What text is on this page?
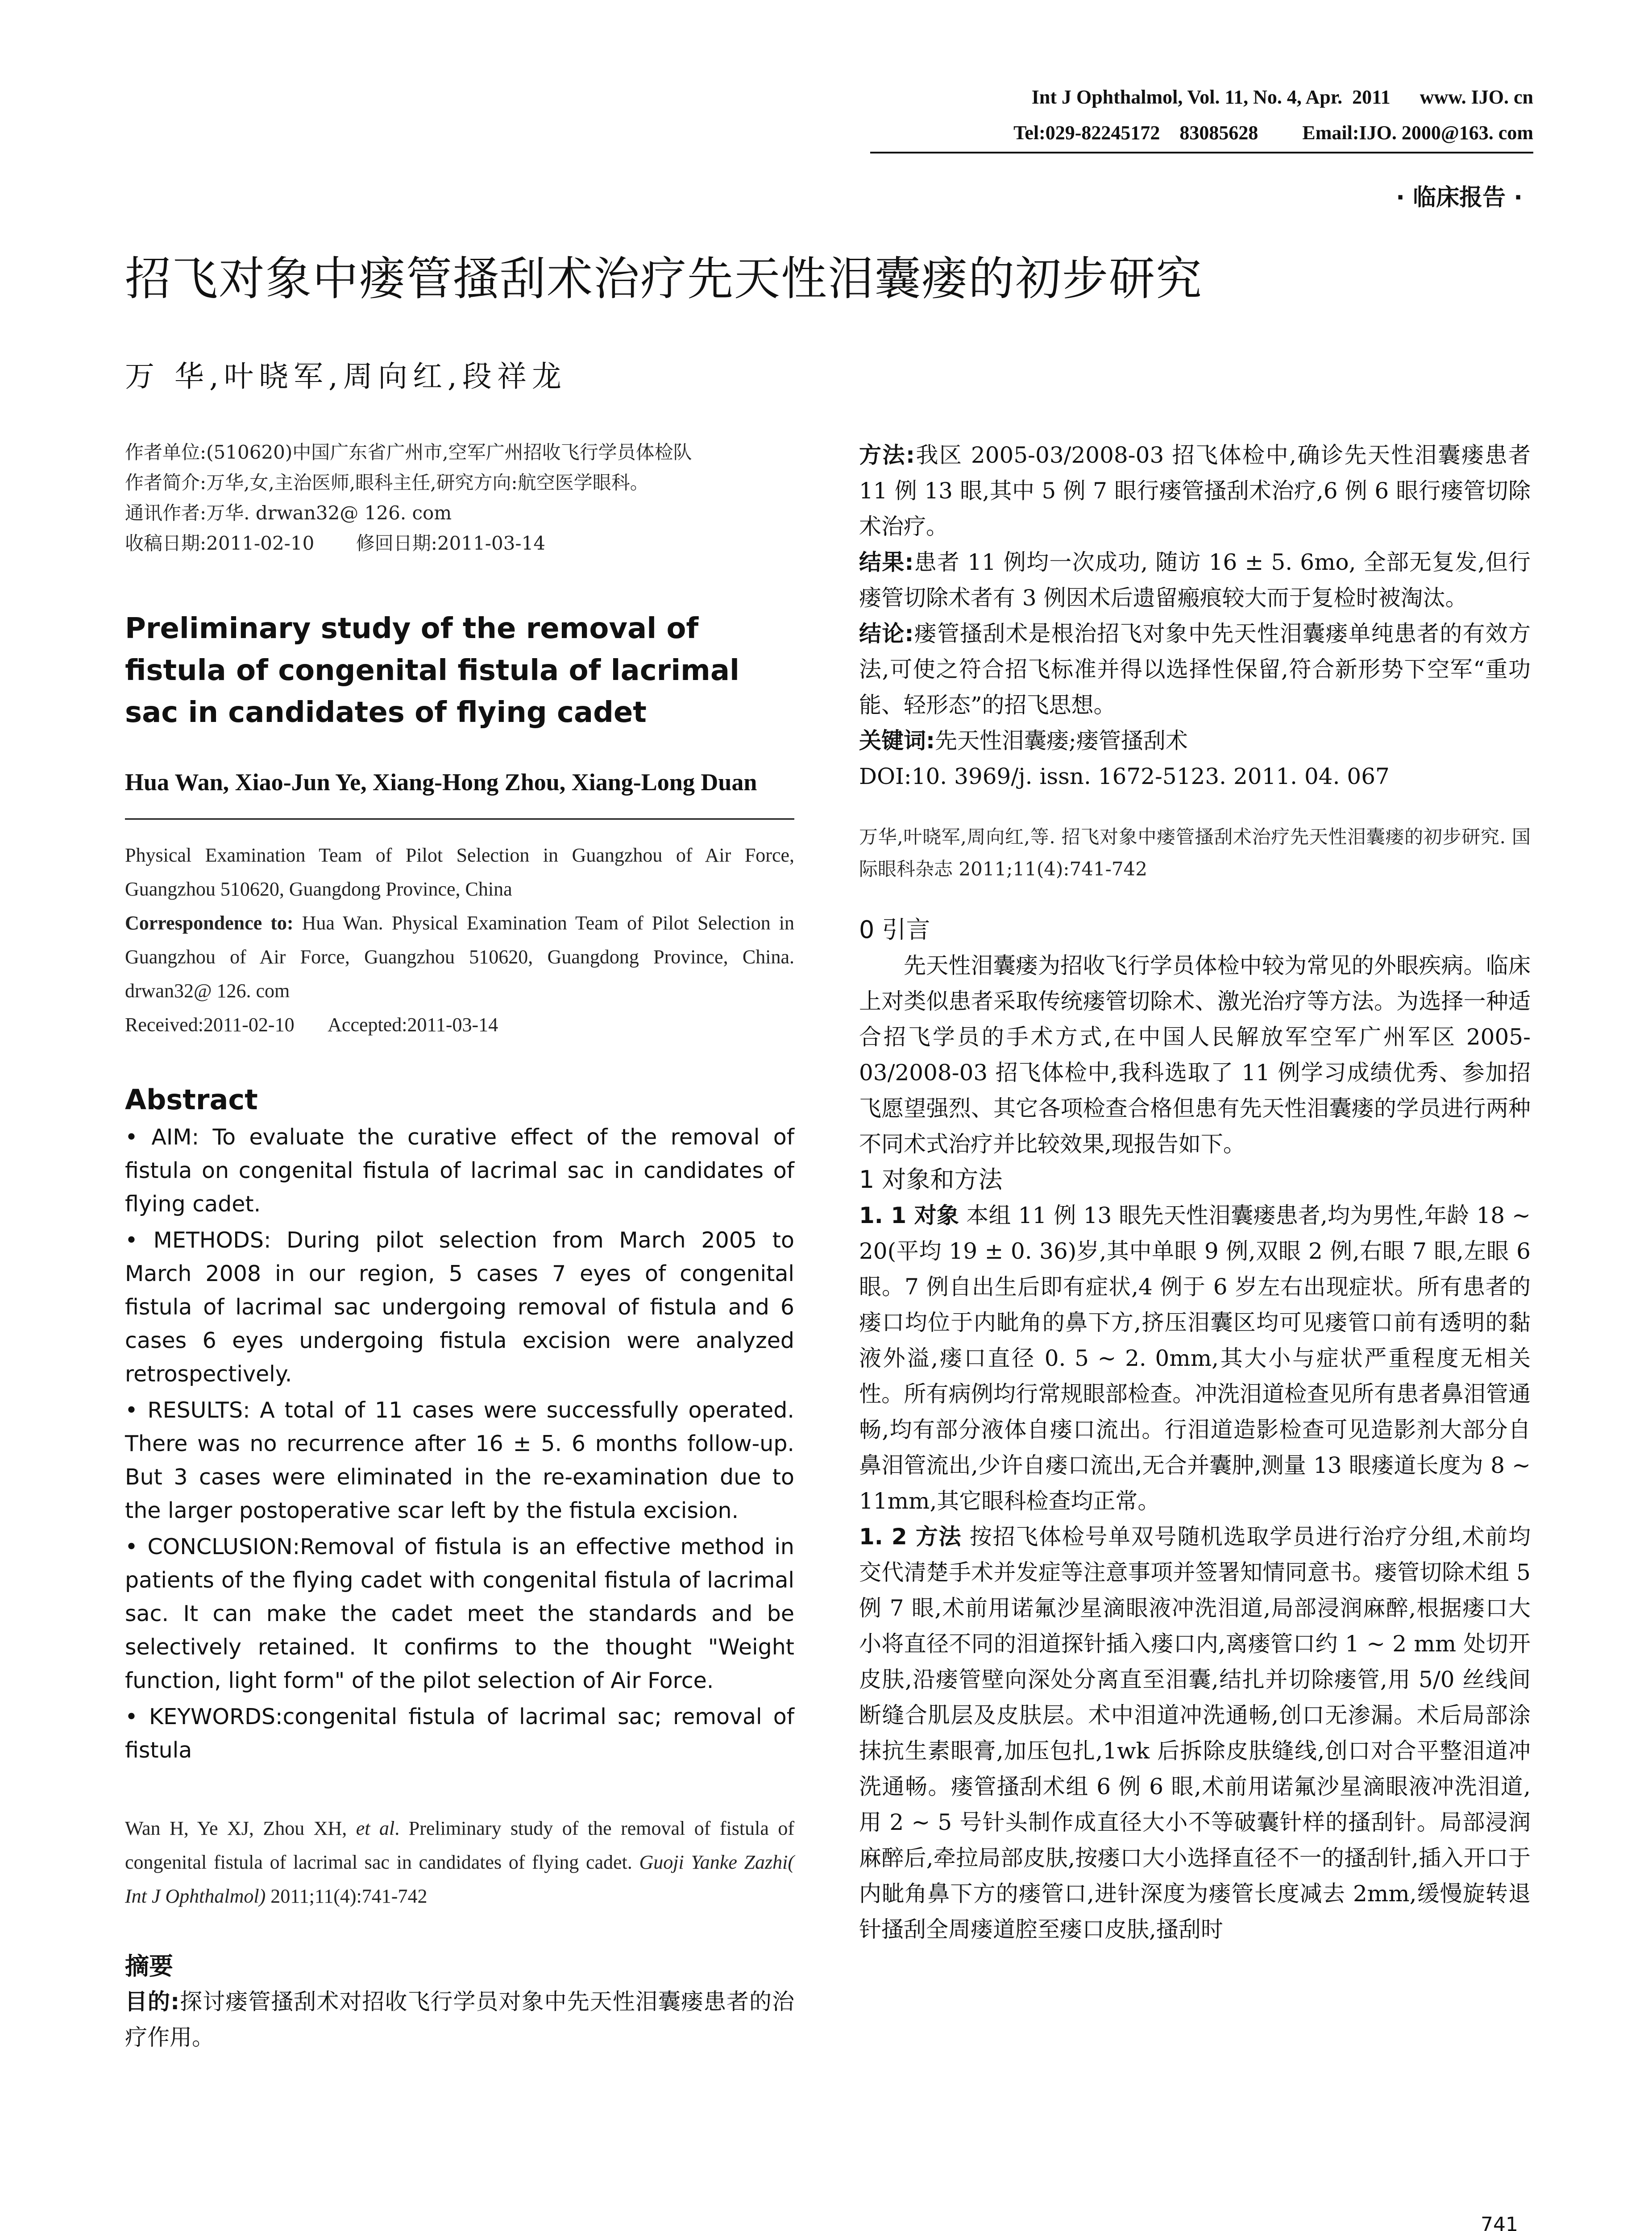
Int J Ophthalmol, Vol. 11, No. 4, Apr.  2011      www. IJO. cn
Tel:029-82245172    83085628         Email:IJO. 2000@163. com
· 临床报告 ·
招飞对象中瘘管搔刮术治疗先天性泪囊瘘的初步研究
万 华,叶晓军,周向红,段祥龙

作者单位:(510620)中国广东省广州市,空军广州招收飞行学员体检队

作者简介:万华,女,主治医师,眼科主任,研究方向:航空医学眼科。

通讯作者:万华. drwan32@ 126. com

收稿日期:2011-02-10       修回日期:2011-03-14

Preliminary study of the removal of fistula of congenital fistula of lacrimal sac in candidates of flying cadet
Hua Wan, Xiao-Jun Ye, Xiang-Hong Zhou, Xiang-Long Duan

Physical Examination Team of Pilot Selection in Guangzhou of Air Force, Guangzhou 510620, Guangdong Province, China

Correspondence to: Hua Wan. Physical Examination Team of Pilot Selection in Guangzhou of Air Force, Guangzhou 510620, Guangdong Province, China. drwan32@ 126. com

Received:2011-02-10       Accepted:2011-03-14

Abstract
• AIM: To evaluate the curative effect of the removal of fistula on congenital fistula of lacrimal sac in candidates of flying cadet.
• METHODS: During pilot selection from March 2005 to March 2008 in our region, 5 cases 7 eyes of congenital fistula of lacrimal sac undergoing removal of fistula and 6 cases 6 eyes undergoing fistula excision were analyzed retrospectively.
• RESULTS: A total of 11 cases were successfully operated. There was no recurrence after 16 ± 5. 6 months follow-up. But 3 cases were eliminated in the re-examination due to the larger postoperative scar left by the fistula excision.
• CONCLUSION:Removal of fistula is an effective method in patients of the flying cadet with congenital fistula of lacrimal sac. It can make the cadet meet the standards and be selectively retained. It confirms to the thought "Weight function, light form" of the pilot selection of Air Force.
• KEYWORDS:congenital fistula of lacrimal sac; removal of fistula
Wan H, Ye XJ, Zhou XH, et al. Preliminary study of the removal of fistula of congenital fistula of lacrimal sac in candidates of flying cadet. Guoji Yanke Zazhi( Int J Ophthalmol) 2011;11(4):741-742
摘要
目的:探讨瘘管搔刮术对招收飞行学员对象中先天性泪囊瘘患者的治疗作用。
方法:我区 2005-03/2008-03 招飞体检中,确诊先天性泪囊瘘患者 11 例 13 眼,其中 5 例 7 眼行瘘管搔刮术治疗,6 例 6 眼行瘘管切除术治疗。
结果:患者 11 例均一次成功, 随访 16 ± 5. 6mo, 全部无复发,但行瘘管切除术者有 3 例因术后遗留瘢痕较大而于复检时被淘汰。
结论:瘘管搔刮术是根治招飞对象中先天性泪囊瘘单纯患者的有效方法,可使之符合招飞标准并得以选择性保留,符合新形势下空军“重功能、轻形态”的招飞思想。
关键词:先天性泪囊瘘;瘘管搔刮术
DOI:10. 3969/j. issn. 1672-5123. 2011. 04. 067
万华,叶晓军,周向红,等. 招飞对象中瘘管搔刮术治疗先天性泪囊瘘的初步研究. 国际眼科杂志 2011;11(4):741-742
0 引言
先天性泪囊瘘为招收飞行学员体检中较为常见的外眼疾病。临床上对类似患者采取传统瘘管切除术、激光治疗等方法。为选择一种适合招飞学员的手术方式,在中国人民解放军空军广州军区 2005-03/2008-03 招飞体检中,我科选取了 11 例学习成绩优秀、参加招飞愿望强烈、其它各项检查合格但患有先天性泪囊瘘的学员进行两种不同术式治疗并比较效果,现报告如下。
1 对象和方法
1. 1 对象 本组 11 例 13 眼先天性泪囊瘘患者,均为男性,年龄 18 ~ 20(平均 19 ± 0. 36)岁,其中单眼 9 例,双眼 2 例,右眼 7 眼,左眼 6 眼。7 例自出生后即有症状,4 例于 6 岁左右出现症状。所有患者的瘘口均位于内眦角的鼻下方,挤压泪囊区均可见瘘管口前有透明的黏液外溢,瘘口直径 0. 5 ~ 2. 0mm,其大小与症状严重程度无相关性。所有病例均行常规眼部检查。冲洗泪道检查见所有患者鼻泪管通畅,均有部分液体自瘘口流出。行泪道造影检查可见造影剂大部分自鼻泪管流出,少许自瘘口流出,无合并囊肿,测量 13 眼瘘道长度为 8 ~ 11mm,其它眼科检查均正常。
1. 2 方法 按招飞体检号单双号随机选取学员进行治疗分组,术前均交代清楚手术并发症等注意事项并签署知情同意书。瘘管切除术组 5 例 7 眼,术前用诺氟沙星滴眼液冲洗泪道,局部浸润麻醉,根据瘘口大小将直径不同的泪道探针插入瘘口内,离瘘管口约 1 ~ 2 mm 处切开皮肤,沿瘘管壁向深处分离直至泪囊,结扎并切除瘘管,用 5/0 丝线间断缝合肌层及皮肤层。术中泪道冲洗通畅,创口无渗漏。术后局部涂抹抗生素眼膏,加压包扎,1wk 后拆除皮肤缝线,创口对合平整泪道冲洗通畅。瘘管搔刮术组 6 例 6 眼,术前用诺氟沙星滴眼液冲洗泪道,用 2 ~ 5 号针头制作成直径大小不等破囊针样的搔刮针。局部浸润麻醉后,牵拉局部皮肤,按瘘口大小选择直径不一的搔刮针,插入开口于内眦角鼻下方的瘘管口,进针深度为瘘管长度减去 2mm,缓慢旋转退针搔刮全周瘘道腔至瘘口皮肤,搔刮时
741
